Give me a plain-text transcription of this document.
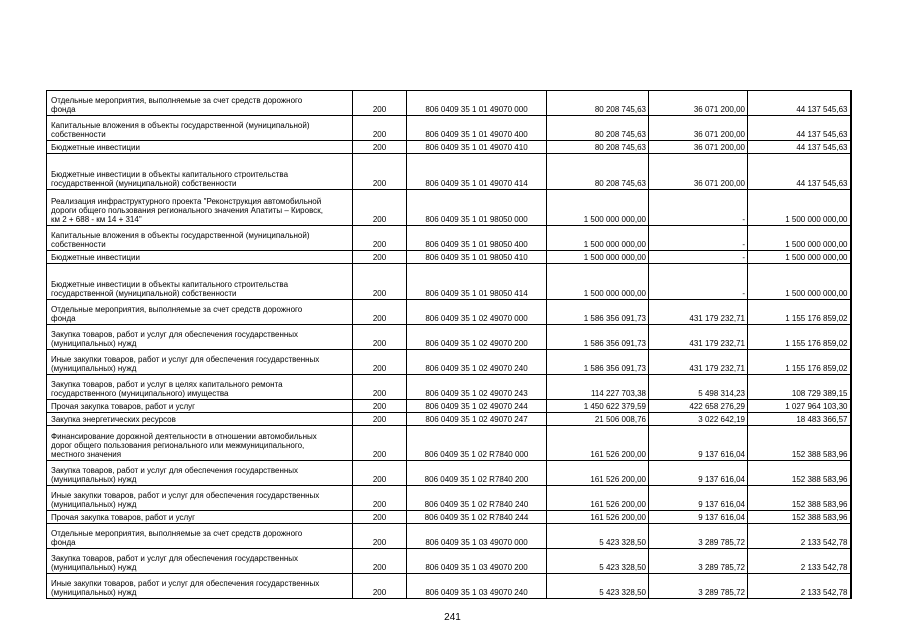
Отдельные мероприятия, выполняемые за счет средств дорожного
фонда	200	806 0409 35 1 01 49070 000	80 208 745,63	36 071 200,00	44 137 545,63
Капитальные вложения в объекты государственной (муниципальной)
собственности	200	806 0409 35 1 01 49070 400	80 208 745,63	36 071 200,00	44 137 545,63
Бюджетные инвестиции	200	806 0409 35 1 01 49070 410	80 208 745,63	36 071 200,00	44 137 545,63
Бюджетные инвестиции в объекты капитального строительства
государственной (муниципальной) собственности	200	806 0409 35 1 01 49070 414	80 208 745,63	36 071 200,00	44 137 545,63
Реализация инфраструктурного проекта "Реконструкция автомобильной
дороги общего пользования регионального значения Апатиты – Кировск,
км 2 + 688 - км 14 + 314"	200	806 0409 35 1 01 98050 000	1 500 000 000,00	-	1 500 000 000,00
Капитальные вложения в объекты государственной (муниципальной)
собственности	200	806 0409 35 1 01 98050 400	1 500 000 000,00	-	1 500 000 000,00
Бюджетные инвестиции	200	806 0409 35 1 01 98050 410	1 500 000 000,00	-	1 500 000 000,00
Бюджетные инвестиции в объекты капитального строительства
государственной (муниципальной) собственности	200	806 0409 35 1 01 98050 414	1 500 000 000,00	-	1 500 000 000,00
Отдельные мероприятия, выполняемые за счет средств дорожного
фонда	200	806 0409 35 1 02 49070 000	1 586 356 091,73	431 179 232,71	1 155 176 859,02
Закупка товаров, работ и услуг для обеспечения государственных
(муниципальных) нужд	200	806 0409 35 1 02 49070 200	1 586 356 091,73	431 179 232,71	1 155 176 859,02
Иные закупки товаров, работ и услуг для обеспечения государственных
(муниципальных) нужд	200	806 0409 35 1 02 49070 240	1 586 356 091,73	431 179 232,71	1 155 176 859,02
Закупка товаров, работ и услуг в целях капитального ремонта
государственного (муниципального) имущества	200	806 0409 35 1 02 49070 243	114 227 703,38	5 498 314,23	108 729 389,15
Прочая закупка товаров, работ и услуг	200	806 0409 35 1 02 49070 244	1 450 622 379,59	422 658 276,29	1 027 964 103,30
Закупка энергетических ресурсов	200	806 0409 35 1 02 49070 247	21 506 008,76	3 022 642,19	18 483 366,57
Финансирование дорожной деятельности в отношении автомобильных
дорог общего пользования регионального или межмуниципального,
местного значения	200	806 0409 35 1 02 R7840 000	161 526 200,00	9 137 616,04	152 388 583,96
Закупка товаров, работ и услуг для обеспечения государственных
(муниципальных) нужд	200	806 0409 35 1 02 R7840 200	161 526 200,00	9 137 616,04	152 388 583,96
Иные закупки товаров, работ и услуг для обеспечения государственных
(муниципальных) нужд	200	806 0409 35 1 02 R7840 240	161 526 200,00	9 137 616,04	152 388 583,96
Прочая закупка товаров, работ и услуг	200	806 0409 35 1 02 R7840 244	161 526 200,00	9 137 616,04	152 388 583,96
Отдельные мероприятия, выполняемые за счет средств дорожного
фонда	200	806 0409 35 1 03 49070 000	5 423 328,50	3 289 785,72	2 133 542,78
Закупка товаров, работ и услуг для обеспечения государственных
(муниципальных) нужд	200	806 0409 35 1 03 49070 200	5 423 328,50	3 289 785,72	2 133 542,78
Иные закупки товаров, работ и услуг для обеспечения государственных
(муниципальных) нужд	200	806 0409 35 1 03 49070 240	5 423 328,50	3 289 785,72	2 133 542,78
241
